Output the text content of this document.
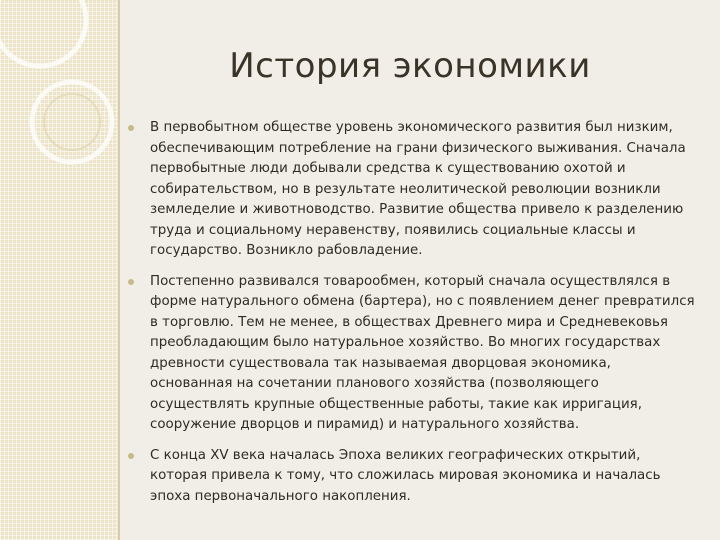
История экономики
В первобытном обществе уровень экономического развития был низким, обеспечивающим потребление на грани физического выживания. Сначала первобытные люди добывали средства к существованию охотой и собирательством, но в результате неолитической революции возникли земледелие и животноводство. Развитие общества привело к разделению труда и социальному неравенству, появились социальные классы и государство. Возникло рабовладение.
Постепенно развивался товарообмен, который сначала осуществлялся в форме натурального обмена (бартера), но с появлением денег превратился в торговлю. Тем не менее, в обществах Древнего мира и Средневековья преобладающим было натуральное хозяйство. Во многих государствах древности существовала так называемая дворцовая экономика, основанная на сочетании планового хозяйства (позволяющего осуществлять крупные общественные работы, такие как ирригация, сооружение дворцов и пирамид) и натурального хозяйства.
С конца XV века началась Эпоха великих географических открытий, которая привела к тому, что сложилась мировая экономика и началась эпоха первоначального накопления.
